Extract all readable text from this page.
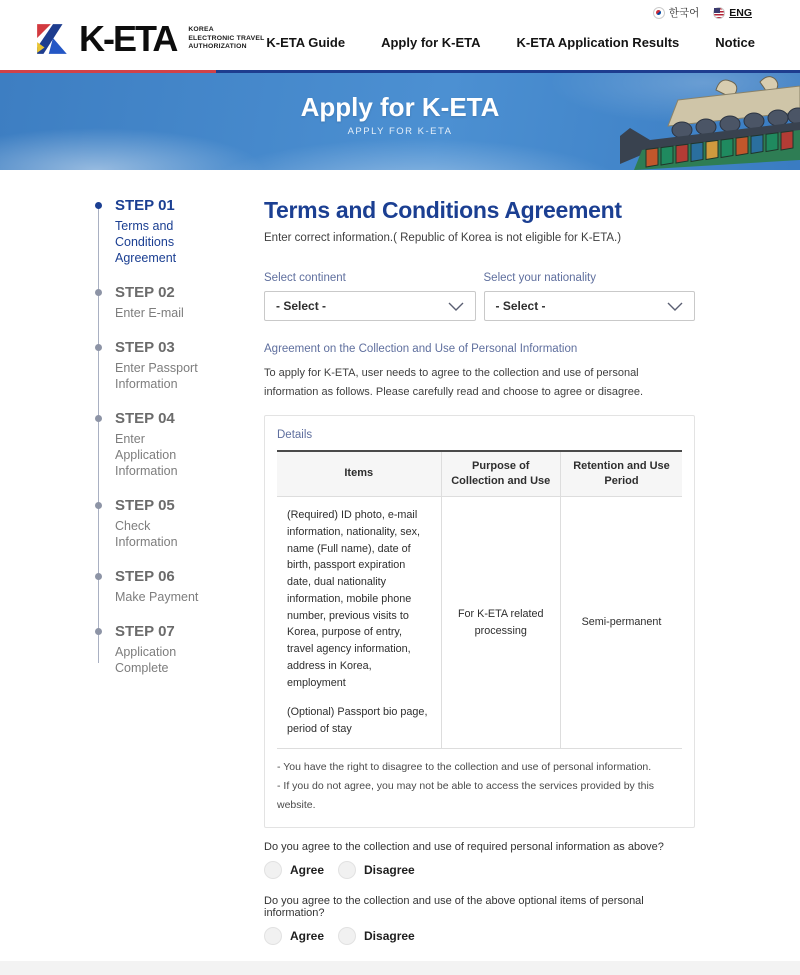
한국어	ENG
K-ETA KOREA
ELECTRONIC TRAVEL
AUTHORIZATION	K-ETA Guide	Apply for K-ETA	K-ETA Application Results	Notice
Apply for K-ETA
APPLY FOR K-ETA
STEP 01
Terms and Conditions Agreement
STEP 02
Enter E-mail
STEP 03
Enter Passport Information
STEP 04
Enter Application Information
STEP 05
Check Information
STEP 06
Make Payment
STEP 07
Application Complete
Terms and Conditions Agreement
Enter correct information.( Republic of Korea is not eligible for K-ETA.)
Select continent
- Select -
Select your nationality
- Select -
Agreement on the Collection and Use of Personal Information
To apply for K-ETA, user needs to agree to the collection and use of personal information as follows. Please carefully read and choose to agree or disagree.
Details
Items	Purpose of Collection and Use	Retention and Use Period

(Required) ID photo, e-mail information, nationality, sex, name (Full name), date of birth, passport expiration date, dual nationality information, mobile phone number, previous visits to Korea, purpose of entry, travel agency information, address in Korea, employment
(Optional) Passport bio page, period of stay	For K-ETA related processing	Semi-permanent
- You have the right to disagree to the collection and use of personal information.
- If you do not agree, you may not be able to access the services provided by this website.
Do you agree to the collection and use of required personal information as above?
Agree	Disagree
Do you agree to the collection and use of the above optional items of personal information?
Agree	Disagree
